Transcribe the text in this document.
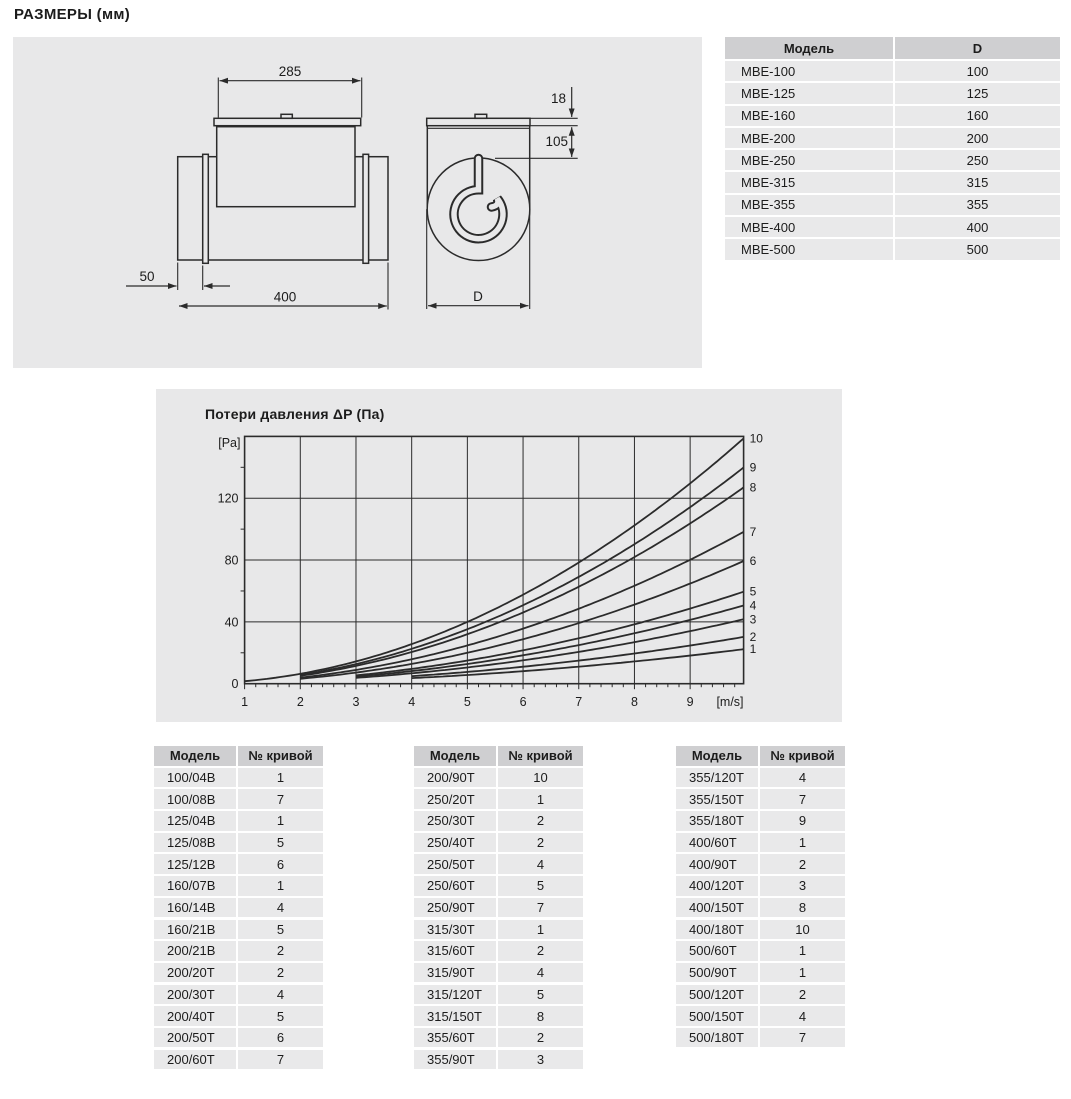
РАЗМЕРЫ (мм)
285
50
400
18
105
D
Модель	D
МВЕ-100	100
МВЕ-125	125
МВЕ-160	160
МВЕ-200	200
МВЕ-250	250
МВЕ-315	315
МВЕ-355	355
МВЕ-400	400
МВЕ-500	500
Потери давления ΔP (Па)
1	2	3	4	5	6	7	8	9
0
40
80
120
[Pa]
[m/s]
1
2
3
4
5
6
7
8
9
10
Модель	№ кривой
100/04В	1
100/08В	7
125/04В	1
125/08В	5
125/12В	6
160/07В	1
160/14В	4
160/21В	5
200/21В	2
200/20Т	2
200/30Т	4
200/40Т	5
200/50Т	6
200/60Т	7
Модель	№ кривой
200/90Т	10
250/20Т	1
250/30Т	2
250/40Т	2
250/50Т	4
250/60Т	5
250/90Т	7
315/30Т	1
315/60Т	2
315/90Т	4
315/120Т	5
315/150Т	8
355/60Т	2
355/90Т	3
Модель	№ кривой
355/120Т	4
355/150Т	7
355/180Т	9
400/60Т	1
400/90Т	2
400/120Т	3
400/150Т	8
400/180Т	10
500/60Т	1
500/90Т	1
500/120Т	2
500/150Т	4
500/180Т	7
